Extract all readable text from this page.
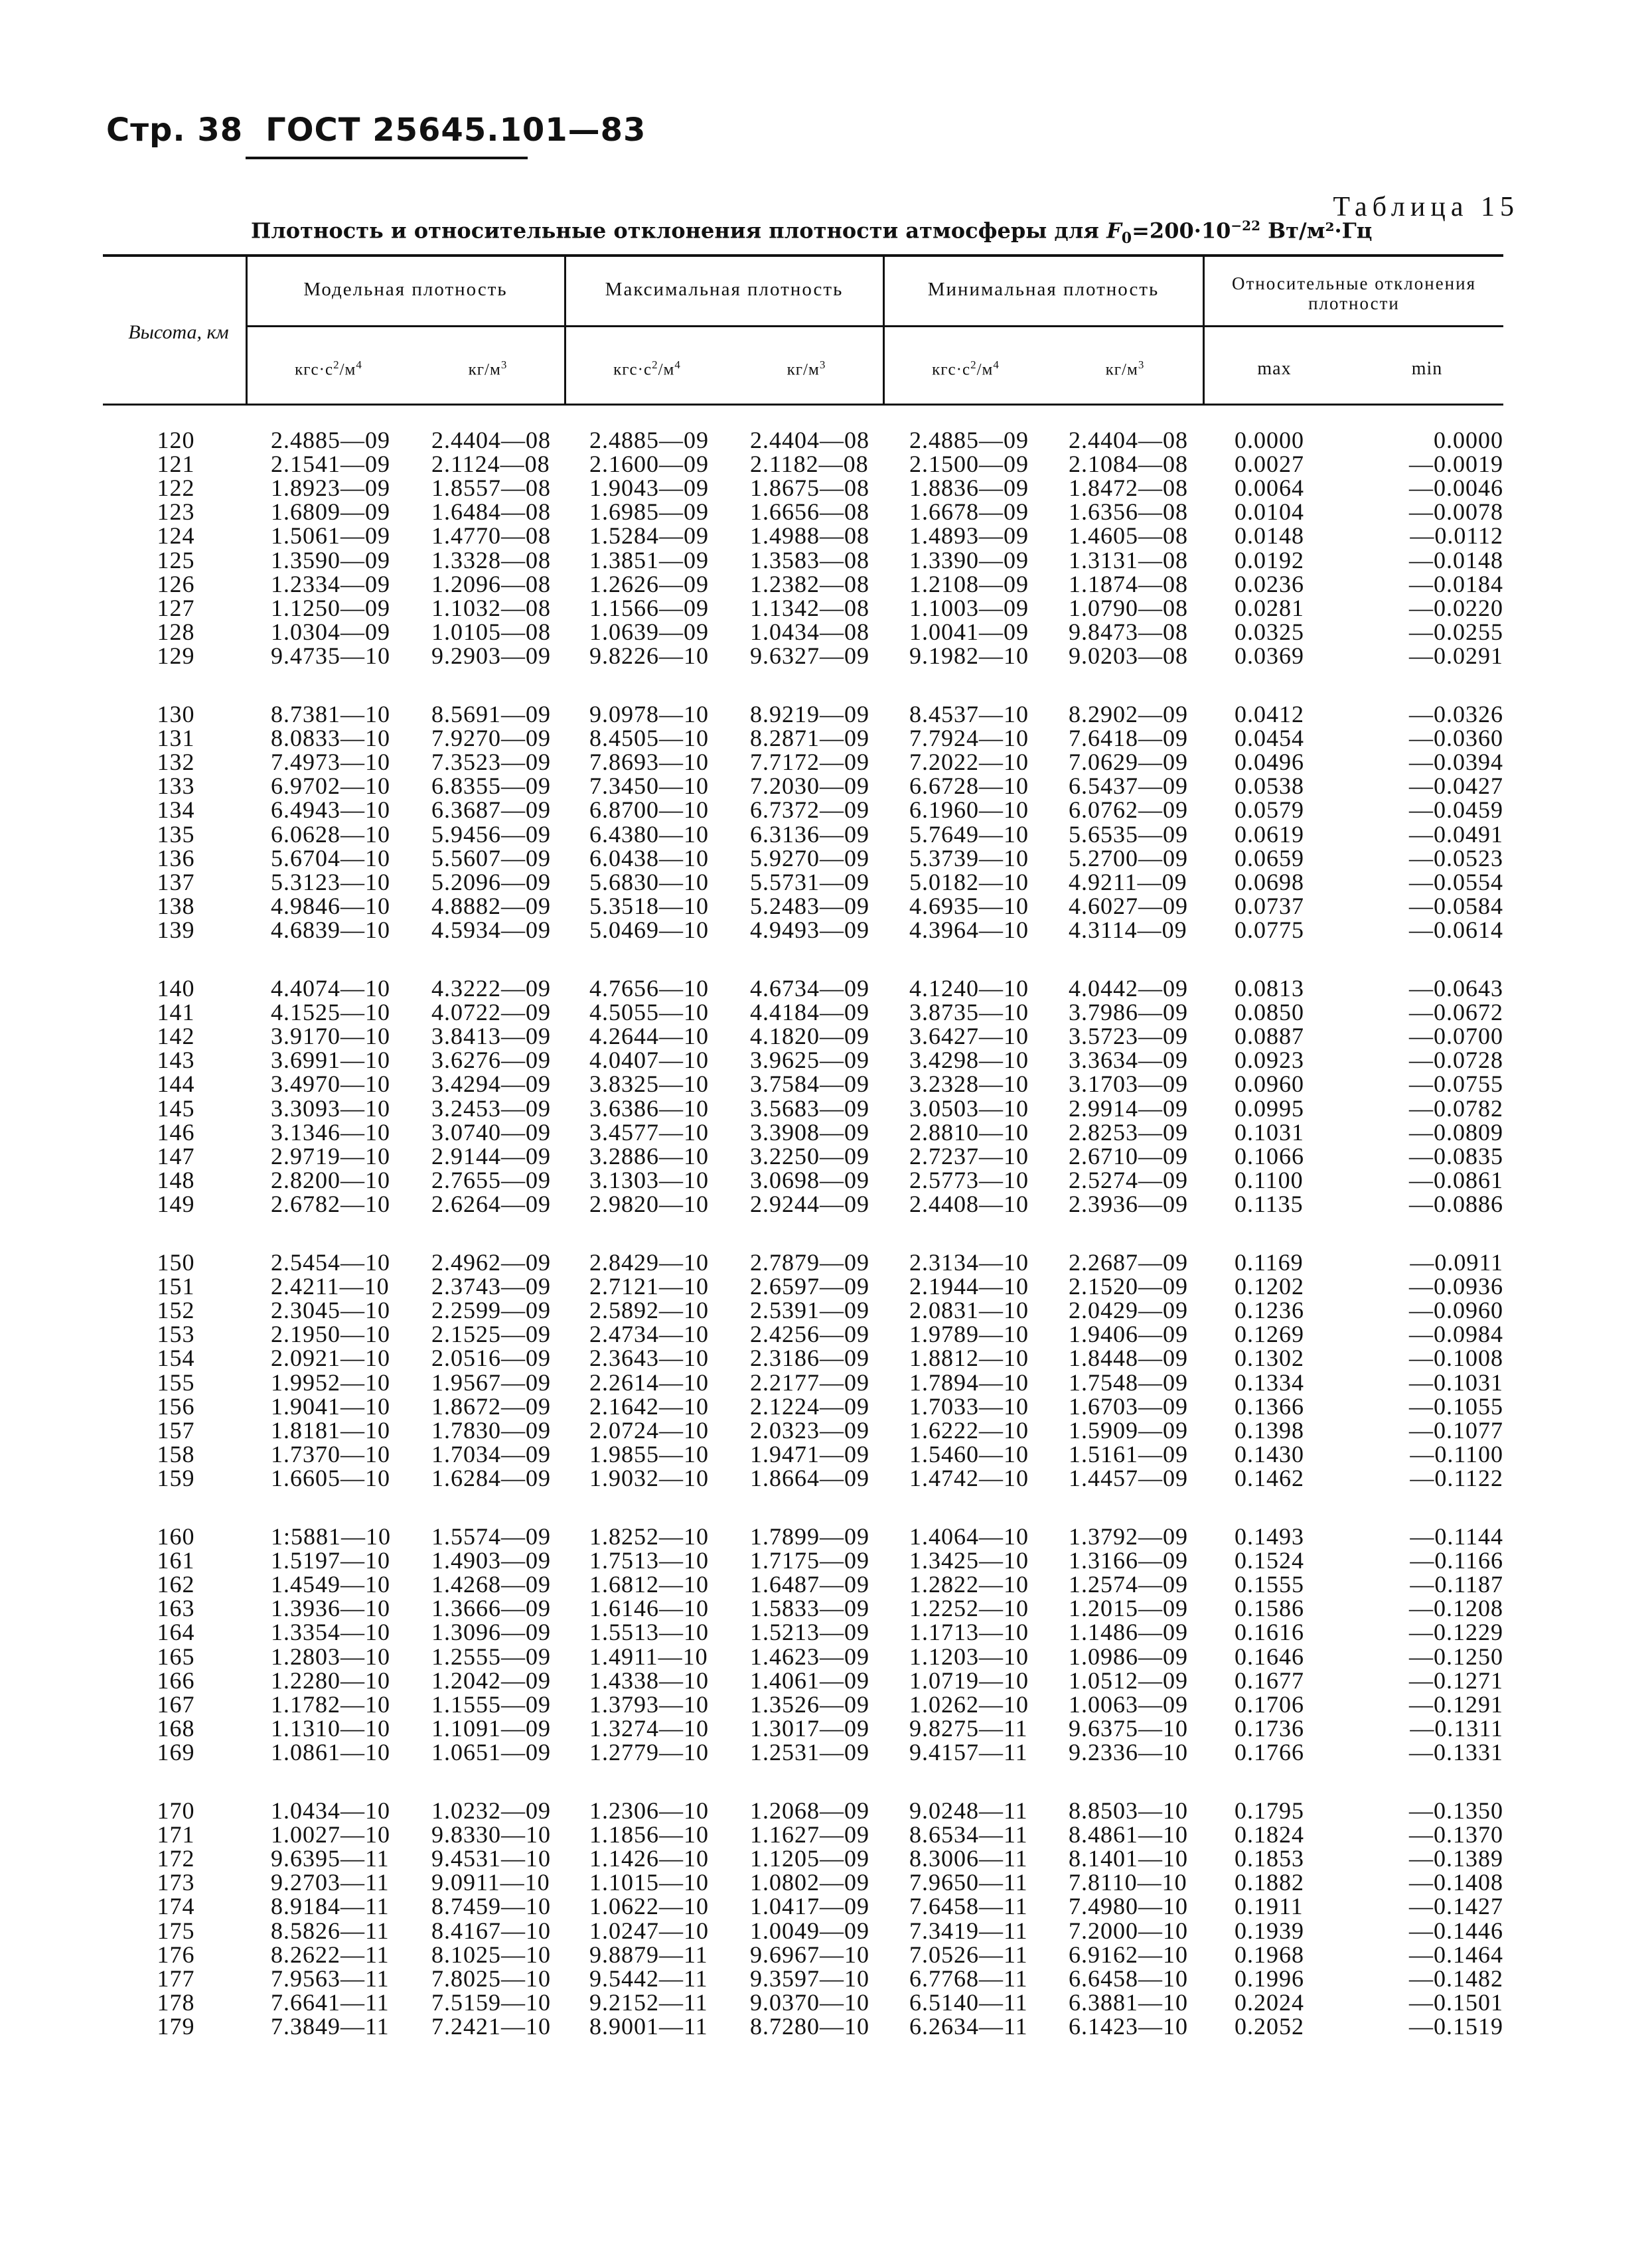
Стр. 38 ГОСТ 25645.101—83
Таблица 15
Плотность и относительные отклонения плотности атмосферы для $F_0=200\cdot 10^{-22}$ Вт/м²·Гц
Высота, км
Модельная плотность	Максимальная плотность	Минимальная плотность	Относительные отклонения плотности
$кгс\cdot с^2/м^4$	$кг/м^3$	$кгс\cdot с^2/м^4$	$кг/м^3$	$кгс\cdot с^2/м^4$	$кг/м^3$	max	min
120	2.4885—09	2.4404—08	2.4885—09	2.4404—08	2.4885—09	2.4404—08	0.0000	0.0000
121	2.1541—09	2.1124—08	2.1600—09	2.1182—08	2.1500—09	2.1084—08	0.0027	—0.0019
122	1.8923—09	1.8557—08	1.9043—09	1.8675—08	1.8836—09	1.8472—08	0.0064	—0.0046
123	1.6809—09	1.6484—08	1.6985—09	1.6656—08	1.6678—09	1.6356—08	0.0104	—0.0078
124	1.5061—09	1.4770—08	1.5284—09	1.4988—08	1.4893—09	1.4605—08	0.0148	—0.0112
125	1.3590—09	1.3328—08	1.3851—09	1.3583—08	1.3390—09	1.3131—08	0.0192	—0.0148
126	1.2334—09	1.2096—08	1.2626—09	1.2382—08	1.2108—09	1.1874—08	0.0236	—0.0184
127	1.1250—09	1.1032—08	1.1566—09	1.1342—08	1.1003—09	1.0790—08	0.0281	—0.0220
128	1.0304—09	1.0105—08	1.0639—09	1.0434—08	1.0041—09	9.8473—08	0.0325	—0.0255
129	9.4735—10	9.2903—09	9.8226—10	9.6327—09	9.1982—10	9.0203—08	0.0369	—0.0291
130	8.7381—10	8.5691—09	9.0978—10	8.9219—09	8.4537—10	8.2902—09	0.0412	—0.0326
131	8.0833—10	7.9270—09	8.4505—10	8.2871—09	7.7924—10	7.6418—09	0.0454	—0.0360
132	7.4973—10	7.3523—09	7.8693—10	7.7172—09	7.2022—10	7.0629—09	0.0496	—0.0394
133	6.9702—10	6.8355—09	7.3450—10	7.2030—09	6.6728—10	6.5437—09	0.0538	—0.0427
134	6.4943—10	6.3687—09	6.8700—10	6.7372—09	6.1960—10	6.0762—09	0.0579	—0.0459
135	6.0628—10	5.9456—09	6.4380—10	6.3136—09	5.7649—10	5.6535—09	0.0619	—0.0491
136	5.6704—10	5.5607—09	6.0438—10	5.9270—09	5.3739—10	5.2700—09	0.0659	—0.0523
137	5.3123—10	5.2096—09	5.6830—10	5.5731—09	5.0182—10	4.9211—09	0.0698	—0.0554
138	4.9846—10	4.8882—09	5.3518—10	5.2483—09	4.6935—10	4.6027—09	0.0737	—0.0584
139	4.6839—10	4.5934—09	5.0469—10	4.9493—09	4.3964—10	4.3114—09	0.0775	—0.0614
140	4.4074—10	4.3222—09	4.7656—10	4.6734—09	4.1240—10	4.0442—09	0.0813	—0.0643
141	4.1525—10	4.0722—09	4.5055—10	4.4184—09	3.8735—10	3.7986—09	0.0850	—0.0672
142	3.9170—10	3.8413—09	4.2644—10	4.1820—09	3.6427—10	3.5723—09	0.0887	—0.0700
143	3.6991—10	3.6276—09	4.0407—10	3.9625—09	3.4298—10	3.3634—09	0.0923	—0.0728
144	3.4970—10	3.4294—09	3.8325—10	3.7584—09	3.2328—10	3.1703—09	0.0960	—0.0755
145	3.3093—10	3.2453—09	3.6386—10	3.5683—09	3.0503—10	2.9914—09	0.0995	—0.0782
146	3.1346—10	3.0740—09	3.4577—10	3.3908—09	2.8810—10	2.8253—09	0.1031	—0.0809
147	2.9719—10	2.9144—09	3.2886—10	3.2250—09	2.7237—10	2.6710—09	0.1066	—0.0835
148	2.8200—10	2.7655—09	3.1303—10	3.0698—09	2.5773—10	2.5274—09	0.1100	—0.0861
149	2.6782—10	2.6264—09	2.9820—10	2.9244—09	2.4408—10	2.3936—09	0.1135	—0.0886
150	2.5454—10	2.4962—09	2.8429—10	2.7879—09	2.3134—10	2.2687—09	0.1169	—0.0911
151	2.4211—10	2.3743—09	2.7121—10	2.6597—09	2.1944—10	2.1520—09	0.1202	—0.0936
152	2.3045—10	2.2599—09	2.5892—10	2.5391—09	2.0831—10	2.0429—09	0.1236	—0.0960
153	2.1950—10	2.1525—09	2.4734—10	2.4256—09	1.9789—10	1.9406—09	0.1269	—0.0984
154	2.0921—10	2.0516—09	2.3643—10	2.3186—09	1.8812—10	1.8448—09	0.1302	—0.1008
155	1.9952—10	1.9567—09	2.2614—10	2.2177—09	1.7894—10	1.7548—09	0.1334	—0.1031
156	1.9041—10	1.8672—09	2.1642—10	2.1224—09	1.7033—10	1.6703—09	0.1366	—0.1055
157	1.8181—10	1.7830—09	2.0724—10	2.0323—09	1.6222—10	1.5909—09	0.1398	—0.1077
158	1.7370—10	1.7034—09	1.9855—10	1.9471—09	1.5460—10	1.5161—09	0.1430	—0.1100
159	1.6605—10	1.6284—09	1.9032—10	1.8664—09	1.4742—10	1.4457—09	0.1462	—0.1122
160	1:5881—10	1.5574—09	1.8252—10	1.7899—09	1.4064—10	1.3792—09	0.1493	—0.1144
161	1.5197—10	1.4903—09	1.7513—10	1.7175—09	1.3425—10	1.3166—09	0.1524	—0.1166
162	1.4549—10	1.4268—09	1.6812—10	1.6487—09	1.2822—10	1.2574—09	0.1555	—0.1187
163	1.3936—10	1.3666—09	1.6146—10	1.5833—09	1.2252—10	1.2015—09	0.1586	—0.1208
164	1.3354—10	1.3096—09	1.5513—10	1.5213—09	1.1713—10	1.1486—09	0.1616	—0.1229
165	1.2803—10	1.2555—09	1.4911—10	1.4623—09	1.1203—10	1.0986—09	0.1646	—0.1250
166	1.2280—10	1.2042—09	1.4338—10	1.4061—09	1.0719—10	1.0512—09	0.1677	—0.1271
167	1.1782—10	1.1555—09	1.3793—10	1.3526—09	1.0262—10	1.0063—09	0.1706	—0.1291
168	1.1310—10	1.1091—09	1.3274—10	1.3017—09	9.8275—11	9.6375—10	0.1736	—0.1311
169	1.0861—10	1.0651—09	1.2779—10	1.2531—09	9.4157—11	9.2336—10	0.1766	—0.1331
170	1.0434—10	1.0232—09	1.2306—10	1.2068—09	9.0248—11	8.8503—10	0.1795	—0.1350
171	1.0027—10	9.8330—10	1.1856—10	1.1627—09	8.6534—11	8.4861—10	0.1824	—0.1370
172	9.6395—11	9.4531—10	1.1426—10	1.1205—09	8.3006—11	8.1401—10	0.1853	—0.1389
173	9.2703—11	9.0911—10	1.1015—10	1.0802—09	7.9650—11	7.8110—10	0.1882	—0.1408
174	8.9184—11	8.7459—10	1.0622—10	1.0417—09	7.6458—11	7.4980—10	0.1911	—0.1427
175	8.5826—11	8.4167—10	1.0247—10	1.0049—09	7.3419—11	7.2000—10	0.1939	—0.1446
176	8.2622—11	8.1025—10	9.8879—11	9.6967—10	7.0526—11	6.9162—10	0.1968	—0.1464
177	7.9563—11	7.8025—10	9.5442—11	9.3597—10	6.7768—11	6.6458—10	0.1996	—0.1482
178	7.6641—11	7.5159—10	9.2152—11	9.0370—10	6.5140—11	6.3881—10	0.2024	—0.1501
179	7.3849—11	7.2421—10	8.9001—11	8.7280—10	6.2634—11	6.1423—10	0.2052	—0.1519
